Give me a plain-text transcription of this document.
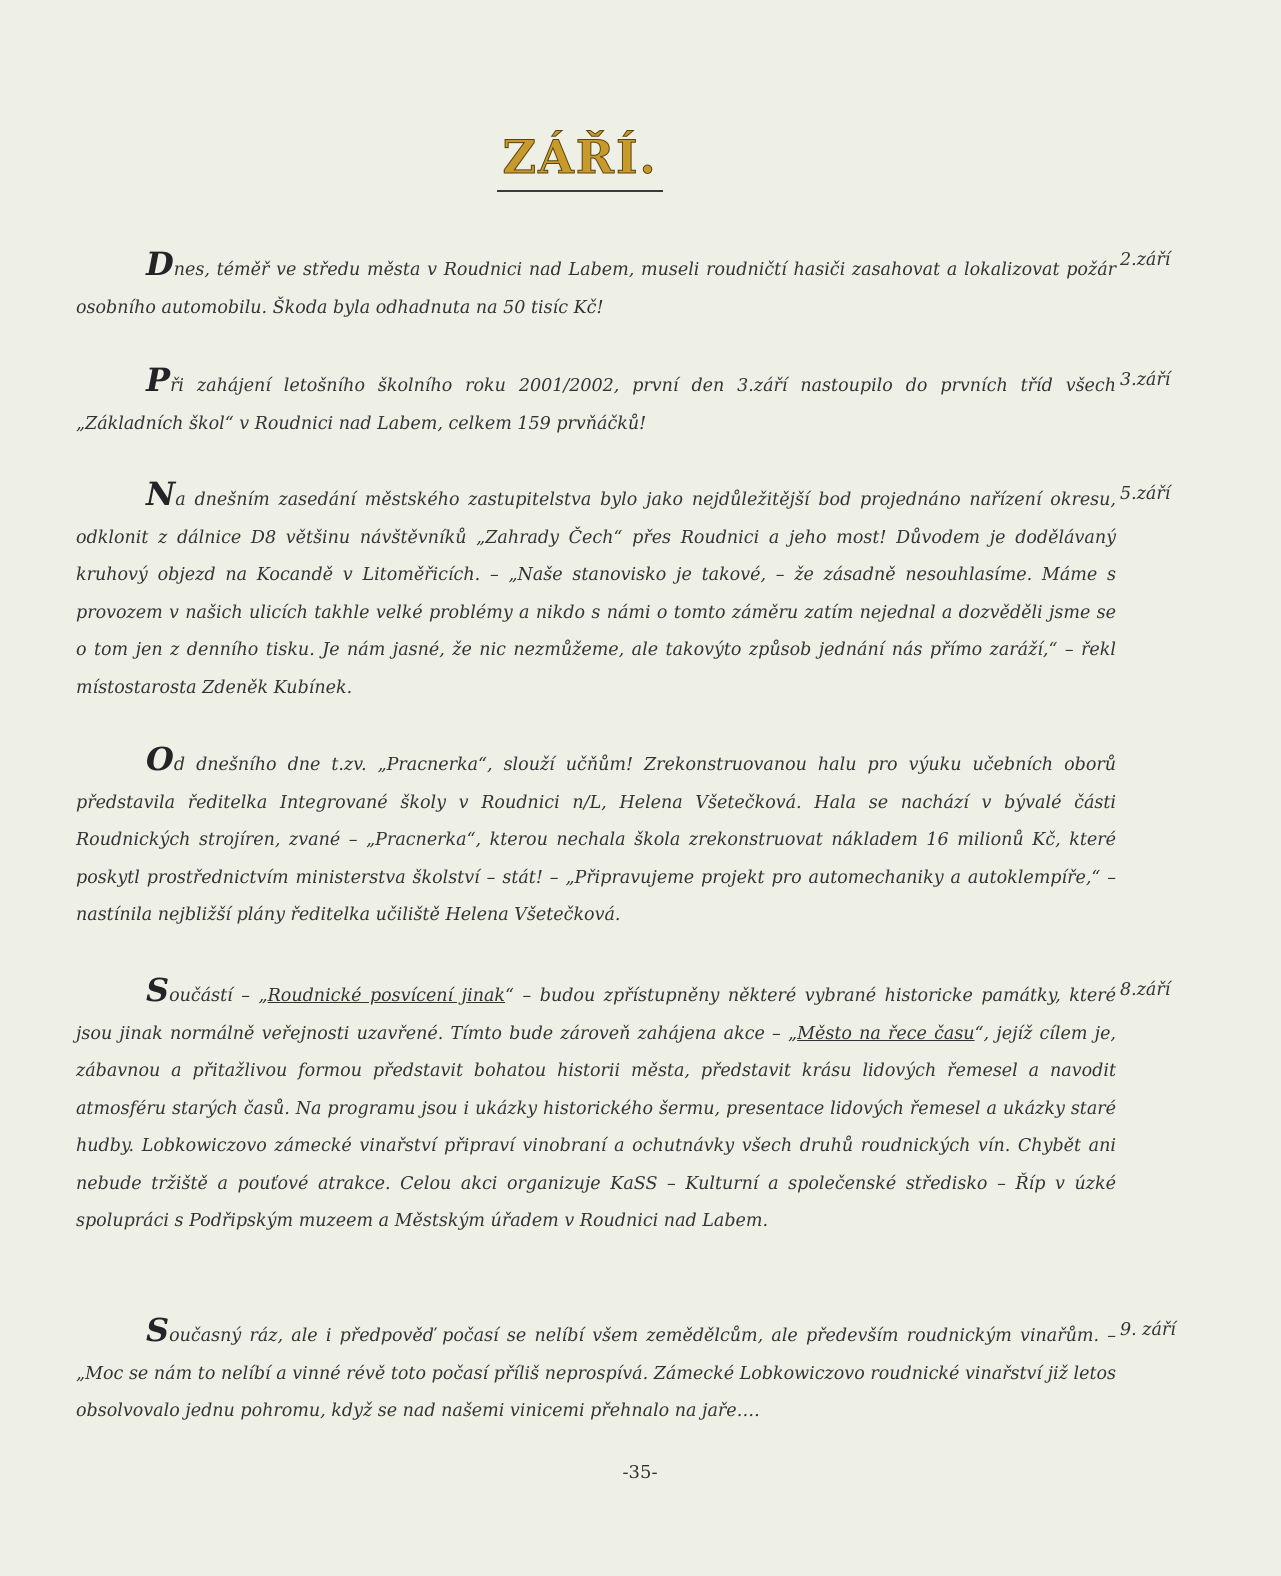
ZÁŘÍ.
2.září
Dnes, téměř ve středu města v Roudnici nad Labem, museli roudničtí hasiči zasahovat a lokalizovat požár osobního automobilu. Škoda byla odhadnuta na 50 tisíc Kč!
3.září
Při zahájení letošního školního roku 2001/2002, první den 3.září nastoupilo do prvních tříd všech „Základních škol“ v Roudnici nad Labem, celkem 159 prvňáčků!
5.září
Na dnešním zasedání městského zastupitelstva bylo jako nejdůležitější bod projednáno nařízení okresu, odklonit z dálnice D8 většinu návštěvníků „Zahrady Čech“ přes Roudnici a jeho most! Důvodem je dodělávaný kruhový objezd na Kocandě v Litoměřicích. – „Naše stanovisko je takové, – že zásadně nesouhlasíme. Máme s provozem v našich ulicích takhle velké problémy a nikdo s námi o tomto záměru zatím nejednal a dozvěděli jsme se o tom jen z denního tisku. Je nám jasné, že nic nezmůžeme, ale takovýto způsob jednání nás přímo zaráží,“ – řekl místostarosta Zdeněk Kubínek.
Od dnešního dne t.zv. „Pracnerka“, slouží učňům! Zrekonstruovanou halu pro výuku učebních oborů představila ředitelka Integrované školy v Roudnici n/L, Helena Všetečková. Hala se nachází v bývalé části Roudnických strojíren, zvané – „Pracnerka“, kterou nechala škola zrekonstruovat nákladem 16 milionů Kč, které poskytl prostřednictvím ministerstva školství – stát! – „Připravujeme projekt pro automechaniky a autoklempíře,“ – nastínila nejbližší plány ředitelka učiliště Helena Všetečková.
8.září
Součástí – „Roudnické posvícení jinak“ – budou zpřístupněny některé vybrané historicke památky, které jsou jinak normálně veřejnosti uzavřené. Tímto bude zároveň zahájena akce – „Město na řece času“, jejíž cílem je, zábavnou a přitažlivou formou představit bohatou historii města, představit krásu lidových řemesel a navodit atmosféru starých časů. Na programu jsou i ukázky historického šermu, presentace lidových řemesel a ukázky staré hudby. Lobkowiczovo zámecké vinařství připraví vinobraní a ochutnávky všech druhů roudnických vín. Chybět ani nebude tržiště a pouťové atrakce. Celou akci organizuje KaSS – Kulturní a společenské středisko – Říp v úzké spolupráci s Podřipským muzeem a Městským úřadem v Roudnici nad Labem.
9. září
Současný ráz, ale i předpověď počasí se nelíbí všem zemědělcům, ale především roudnickým vinařům. – „Moc se nám to nelíbí a vinné révě toto počasí příliš neprospívá. Zámecké Lobkowiczovo roudnické vinařství již letos obsolvovalo jednu pohromu, když se nad našemi vinicemi přehnalo na jaře….
-35-
